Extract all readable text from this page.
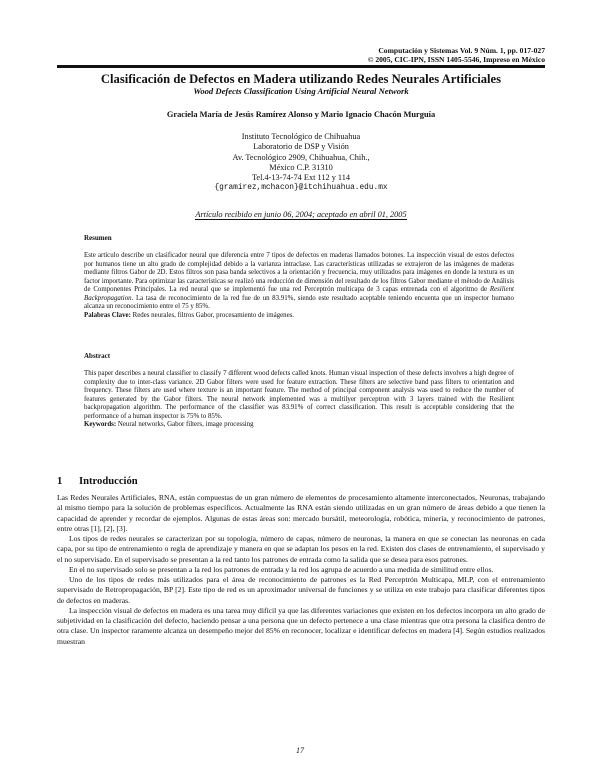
Computación y Sistemas Vol. 9 Núm. 1, pp. 017-027
© 2005, CIC-IPN, ISSN 1405-5546, Impreso en México
Clasificación de Defectos en Madera utilizando Redes Neurales Artificiales
Wood Defects Classification Using Artificial Neural Network
Graciela María de Jesús Ramírez Alonso y Mario Ignacio Chacón Murguía
Instituto Tecnológico de Chihuahua
Laboratorio de DSP y Visión
Av. Tecnológico 2909, Chihuahua, Chih.,
México C.P. 31310
Tel.4-13-74-74 Ext 112 y 114
{gramirez,mchacon}@itchihuahua.edu.mx
Artículo recibido en junio 06, 2004; aceptado en abril 01, 2005
Resumen
Este artículo describe un clasificador neural que diferencia entre 7 tipos de defectos en maderas llamados botones. La inspección visual de estos defectos por humanos tiene un alto grado de complejidad debido a la varianza intraclase. Las características utilizadas se extrajeron de las imágenes de maderas mediante filtros Gabor de 2D. Estos filtros son pasa banda selectivos a la orientación y frecuencia, muy utilizados para imágenes en donde la textura es un factor importante. Para optimizar las características se realizó una reducción de dimensión del resultado de los filtros Gabor mediante el método de Análisis de Componentes Principales. La red neural que se implementó fue una red Perceptrón multicapa de 3 capas entrenada con el algoritmo de Resilient Backpropagation. La tasa de reconocimiento de la red fue de un 83.91%, siendo este resultado aceptable teniendo encuenta que un inspector humano alcanza un reconocimiento entre el 75 y 85%.
Palabras Clave: Redes neurales, filtros Gabor, procesamiento de imágenes.
Abstract
This paper describes a neural classifier to classify 7 different wood defects called knots. Human visual inspection of these defects involves a high degree of complexity due to inter-class variance. 2D Gabor filters were used for feature extraction. These filters are selective band pass filters to orientation and frequency. These filters are used where texture is an important feature. The method of principal component analysis was used to reduce the number of features generated by the Gabor filters. The neural network implemented was a multilyer perceptron with 3 layers trained with the Resilient backpropagation algorithm. The performance of the classifier was 83.91% of correct classification. This result is acceptable considering that the performance of a human inspector is 75% to 85%.
Keywords: Neural networks, Gabor filters, image processing
1 Introducción

Las Redes Neurales Artificiales, RNA, están compuestas de un gran número de elementos de procesamiento altamente interconectados, Neuronas, trabajando al mismo tiempo para la solución de problemas específicos. Actualmente las RNA están siendo utilizadas en un gran número de áreas debido a que tienen la capacidad de aprender y recordar de ejemplos. Algunas de estas áreas son: mercado bursátil, meteorología, robótica, minería, y reconocimiento de patrones, entre otras [1], [2], [3].

Los tipos de redes neurales se caracterizan por su topología, número de capas, número de neuronas, la manera en que se conectan las neuronas en cada capa, por su tipo de entrenamiento o regla de aprendizaje y manera en que se adaptan los pesos en la red. Existen dos clases de entrenamiento, el supervisado y el no supervisado. En el supervisado se presentan a la red tanto los patrones de entrada como la salida que se desea para esos patrones.

En el no supervisado solo se presentan a la red los patrones de entrada y la red los agrupa de acuerdo a una medida de similitud entre ellos.

Uno de los tipos de redes más utilizados para el área de reconocimiento de patrones es la Red Perceptrón Multicapa, MLP, con el entrenamiento supervisado de Retropropagación, BP [2]. Este tipo de red es un aproximador universal de funciones y se utiliza en este trabajo para clasificar diferentes tipos de defectos en maderas.

La inspección visual de defectos en madera es una tarea muy difícil ya que las diferentes variaciones que existen en los defectos incorpora un alto grado de subjetividad en la clasificación del defecto, haciendo pensar a una persona que un defecto pertenece a una clase mientras que otra persona la clasifica dentro de otra clase. Un inspector raramente alcanza un desempeño mejor del 85% en reconocer, localizar e identificar defectos en madera [4]. Según estudios realizados muestran

17
